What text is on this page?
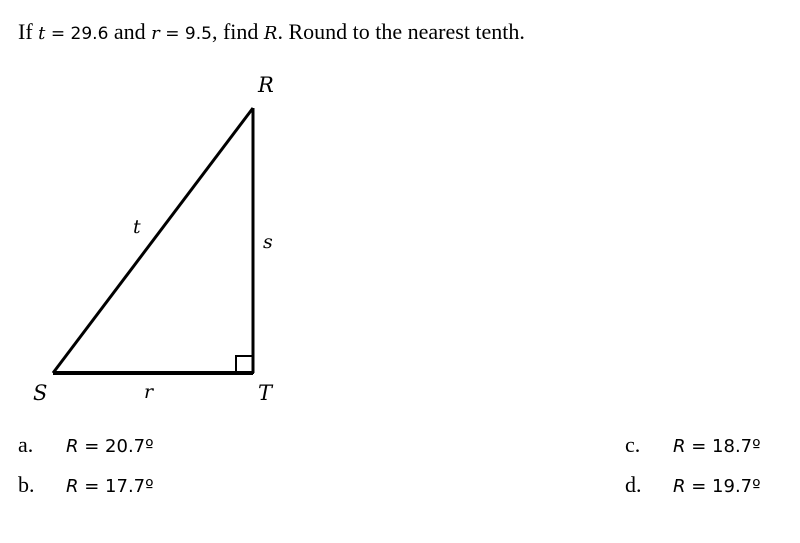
If t = 29.6 and r = 9.5, find R. Round to the nearest tenth.
R
S	T
t
s
r
a. R = 20.7º
b. R = 17.7º
c. R = 18.7º
d. R = 19.7º
